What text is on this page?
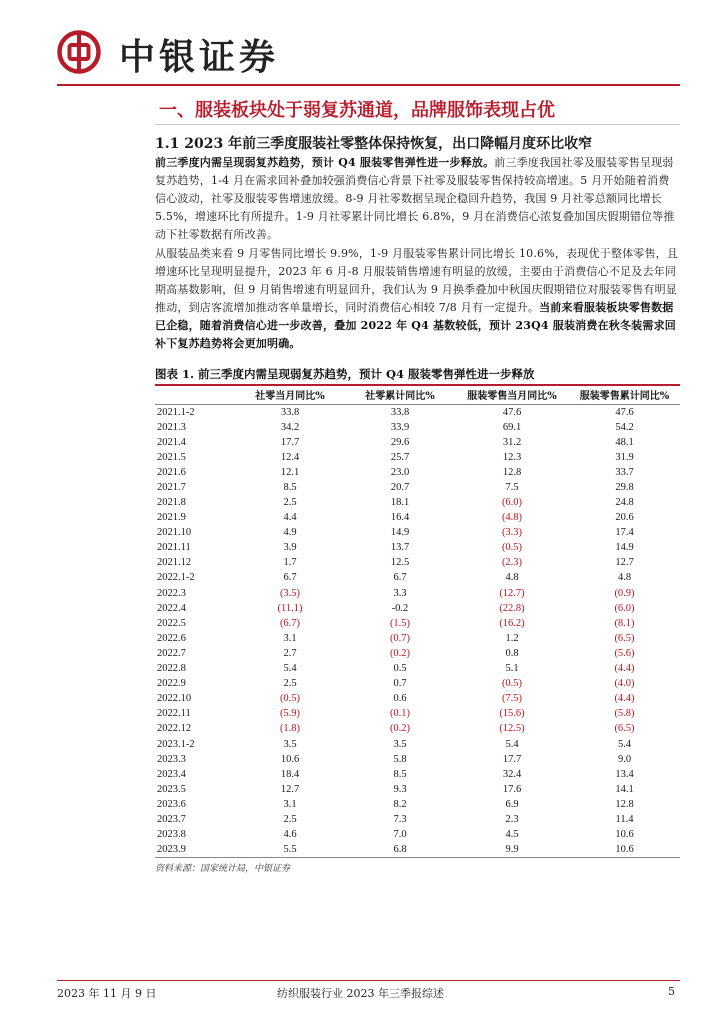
中银证券
一、服装板块处于弱复苏通道，品牌服饰表现占优
1.1 2023 年前三季度服装社零整体保持恢复，出口降幅月度环比收窄

前三季度内需呈现弱复苏趋势，预计 Q4 服装零售弹性进一步释放。前三季度我国社零及服装零售呈现弱复苏趋势，1-4 月在需求回补叠加较强消费信心背景下社零及服装零售保持较高增速。5 月开始随着消费信心波动，社零及服装零售增速放缓。8-9 月社零数据呈现企稳回升趋势，我国 9 月社零总额同比增长 5.5%，增速环比有所提升。1-9 月社零累计同比增长 6.8%，9 月在消费信心浓复叠加国庆假期错位等推动下社零数据有所改善。

从服装品类来看 9 月零售同比增长 9.9%，1-9 月服装零售累计同比增长 10.6%，表现优于整体零售，且增速环比呈现明显提升，2023 年 6 月-8 月服装销售增速有明显的放缓，主要由于消费信心不足及去年同期高基数影响，但 9 月销售增速有明显回升，我们认为 9 月换季叠加中秋国庆假期错位对服装零售有明显推动，到店客流增加推动客单量增长，同时消费信心相较 7/8 月有一定提升。当前来看服装板块零售数据已企稳，随着消费信心进一步改善，叠加 2022 年 Q4 基数较低，预计 23Q4 服装消费在秋冬装需求回补下复苏趋势将会更加明确。

图表 1. 前三季度内需呈现弱复苏趋势，预计 Q4 服装零售弹性进一步释放
	社零当月同比%	社零累计同比%	服装零售当月同比%	服装零售累计同比%
2021.1-2	33.8	33.8	47.6	47.6
2021.3	34.2	33.9	69.1	54.2
2021.4	17.7	29.6	31.2	48.1
2021.5	12.4	25.7	12.3	31.9
2021.6	12.1	23.0	12.8	33.7
2021.7	8.5	20.7	7.5	29.8
2021.8	2.5	18.1	(6.0)	24.8
2021.9	4.4	16.4	(4.8)	20.6
2021.10	4.9	14.9	(3.3)	17.4
2021.11	3.9	13.7	(0.5)	14.9
2021.12	1.7	12.5	(2.3)	12.7
2022.1-2	6.7	6.7	4.8	4.8
2022.3	(3.5)	3.3	(12.7)	(0.9)
2022.4	(11.1)	-0.2	(22.8)	(6.0)
2022.5	(6.7)	(1.5)	(16.2)	(8.1)
2022.6	3.1	(0.7)	1.2	(6.5)
2022.7	2.7	(0.2)	0.8	(5.6)
2022.8	5.4	0.5	5.1	(4.4)
2022.9	2.5	0.7	(0.5)	(4.0)
2022.10	(0.5)	0.6	(7.5)	(4.4)
2022.11	(5.9)	(0.1)	(15.6)	(5.8)
2022.12	(1.8)	(0.2)	(12.5)	(6.5)
2023.1-2	3.5	3.5	5.4	5.4
2023.3	10.6	5.8	17.7	9.0
2023.4	18.4	8.5	32.4	13.4
2023.5	12.7	9.3	17.6	14.1
2023.6	3.1	8.2	6.9	12.8
2023.7	2.5	7.3	2.3	11.4
2023.8	4.6	7.0	4.5	10.6
2023.9	5.5	6.8	9.9	10.6
资料来源：国家统计局，中银证券
2023 年 11 月 9 日	纺织服装行业 2023 年三季报综述	5
